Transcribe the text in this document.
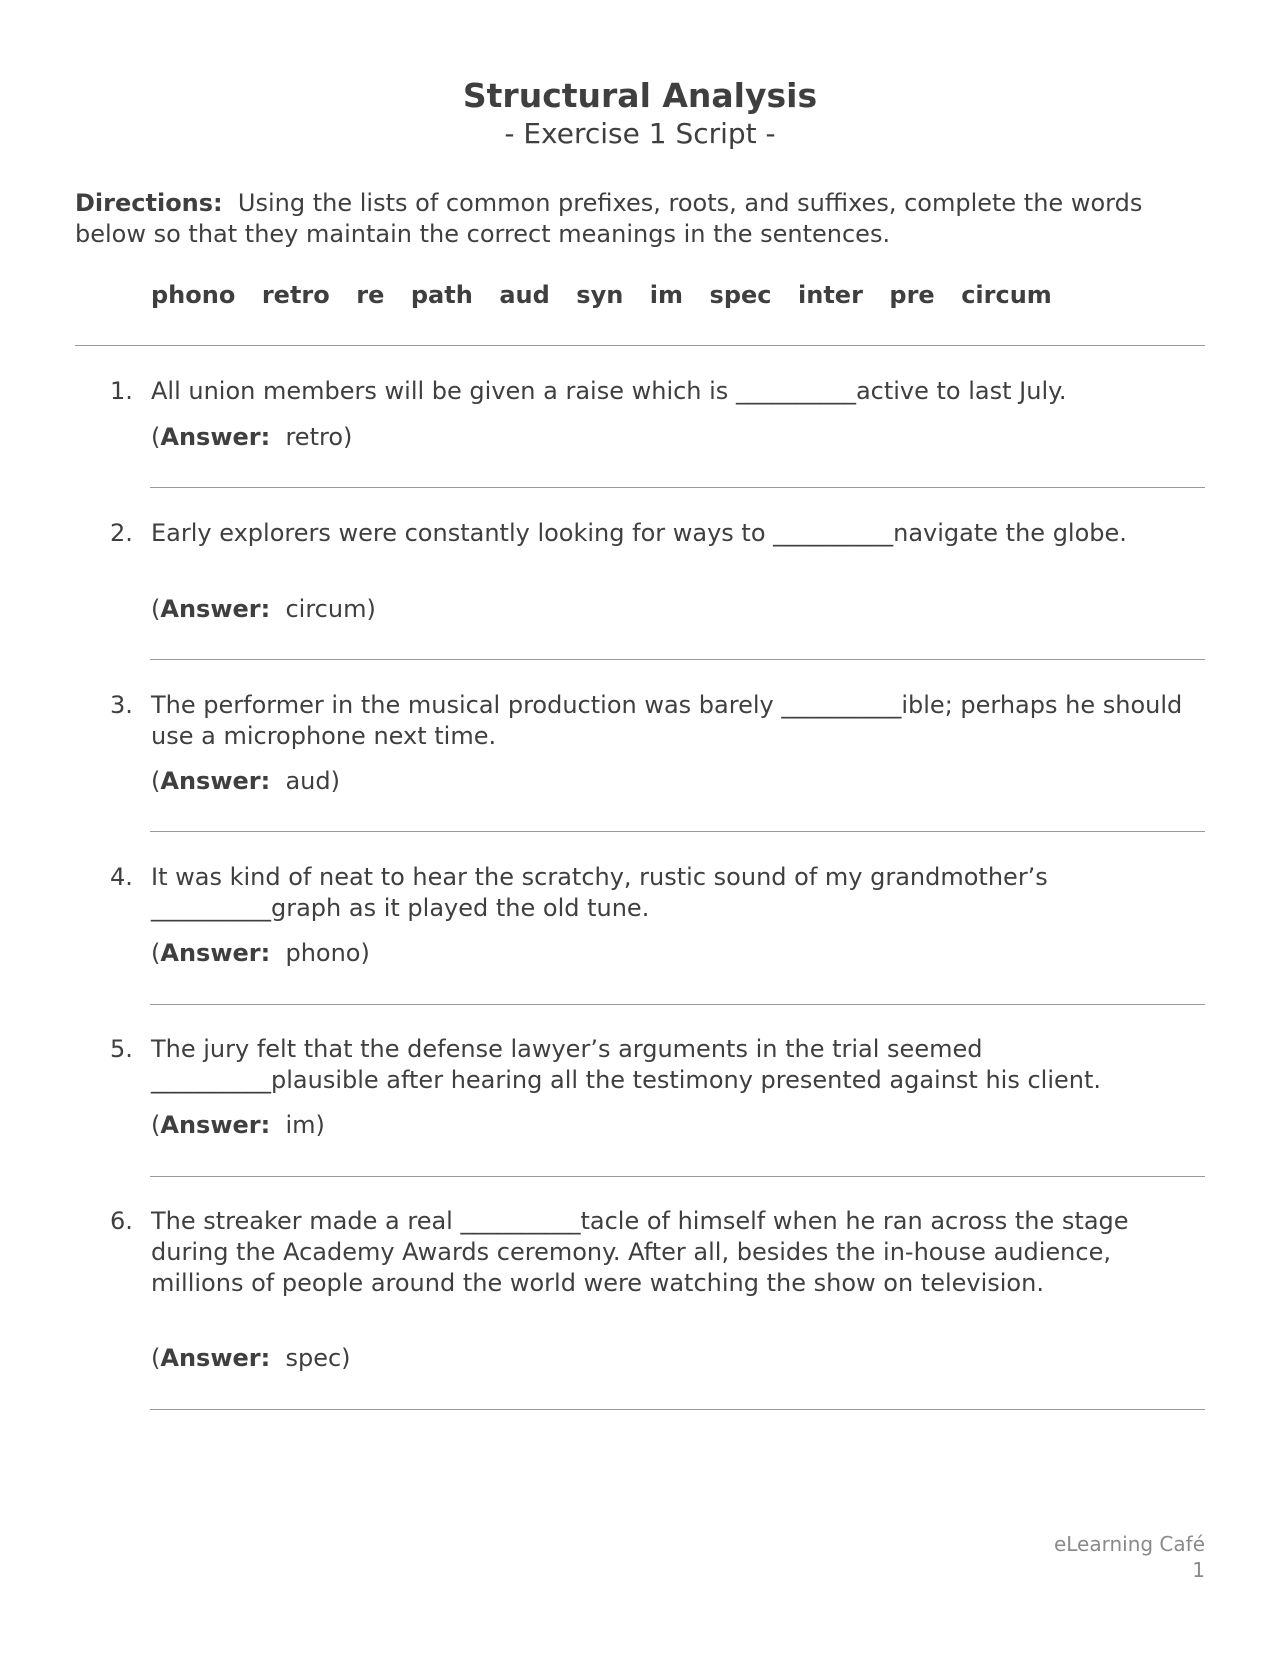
Structural Analysis
- Exercise 1 Script -
Directions: Using the lists of common prefixes, roots, and suffixes, complete the words below so that they maintain the correct meanings in the sentences.
phono retro re path aud syn im spec inter pre circum
1. All union members will be given a raise which is __________active to last July.
(Answer: retro)
2. Early explorers were constantly looking for ways to __________navigate the globe.
(Answer: circum)
3. The performer in the musical production was barely __________ible; perhaps he should use a microphone next time.
(Answer: aud)
4. It was kind of neat to hear the scratchy, rustic sound of my grandmother’s __________graph as it played the old tune.
(Answer: phono)
5. The jury felt that the defense lawyer’s arguments in the trial seemed __________plausible after hearing all the testimony presented against his client.
(Answer: im)
6. The streaker made a real __________tacle of himself when he ran across the stage during the Academy Awards ceremony. After all, besides the in-house audience, millions of people around the world were watching the show on television.
(Answer: spec)
eLearning Café
1
